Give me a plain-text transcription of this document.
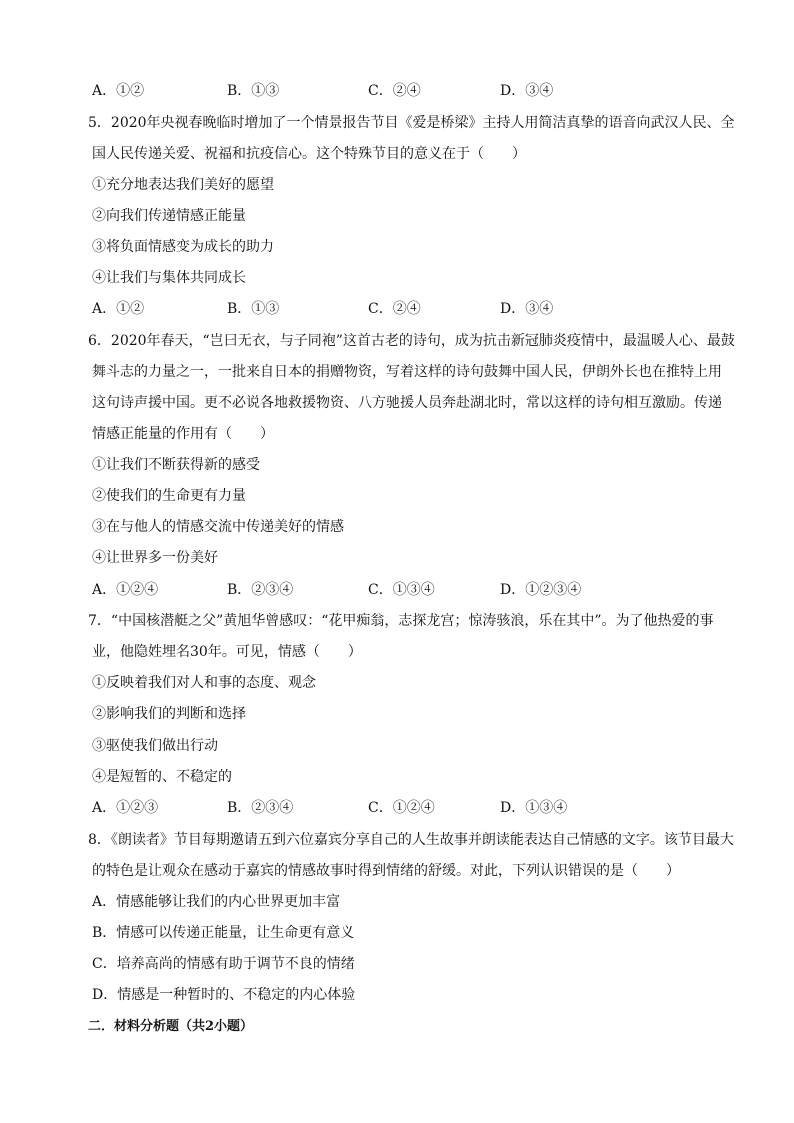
A．①②	B．①③	C．②④	D．③④
5．2020年央视春晚临时增加了一个情景报告节目《爱是桥梁》主持人用简洁真挚的语音向武汉人民、全
国人民传递关爱、祝福和抗疫信心。这个特殊节目的意义在于（　　）
①充分地表达我们美好的愿望
②向我们传递情感正能量
③将负面情感变为成长的助力
④让我们与集体共同成长
A．①②	B．①③	C．②④	D．③④
6．2020年春天，“岂曰无衣，与子同袍”这首古老的诗句，成为抗击新冠肺炎疫情中，最温暖人心、最鼓
舞斗志的力量之一，一批来自日本的捐赠物资，写着这样的诗句鼓舞中国人民，伊朗外长也在推特上用
这句诗声援中国。更不必说各地救援物资、八方驰援人员奔赴湖北时，常以这样的诗句相互激励。传递
情感正能量的作用有（　　）
①让我们不断获得新的感受
②使我们的生命更有力量
③在与他人的情感交流中传递美好的情感
④让世界多一份美好
A．①②④	B．②③④	C．①③④	D．①②③④
7．“中国核潜艇之父”黄旭华曾感叹：“花甲痴翁，志探龙宫；惊涛骇浪，乐在其中”。为了他热爱的事
业，他隐姓埋名30年。可见，情感（　　）
①反映着我们对人和事的态度、观念
②影响我们的判断和选择
③驱使我们做出行动
④是短暂的、不稳定的
A．①②③	B．②③④	C．①②④	D．①③④
8．《朗读者》节目每期邀请五到六位嘉宾分享自己的人生故事并朗读能表达自己情感的文字。该节目最大
的特色是让观众在感动于嘉宾的情感故事时得到情绪的舒缓。对此，下列认识错误的是（　　）
A．情感能够让我们的内心世界更加丰富
B．情感可以传递正能量，让生命更有意义
C．培养高尚的情感有助于调节不良的情绪
D．情感是一种暂时的、不稳定的内心体验
二．材料分析题（共2小题）
